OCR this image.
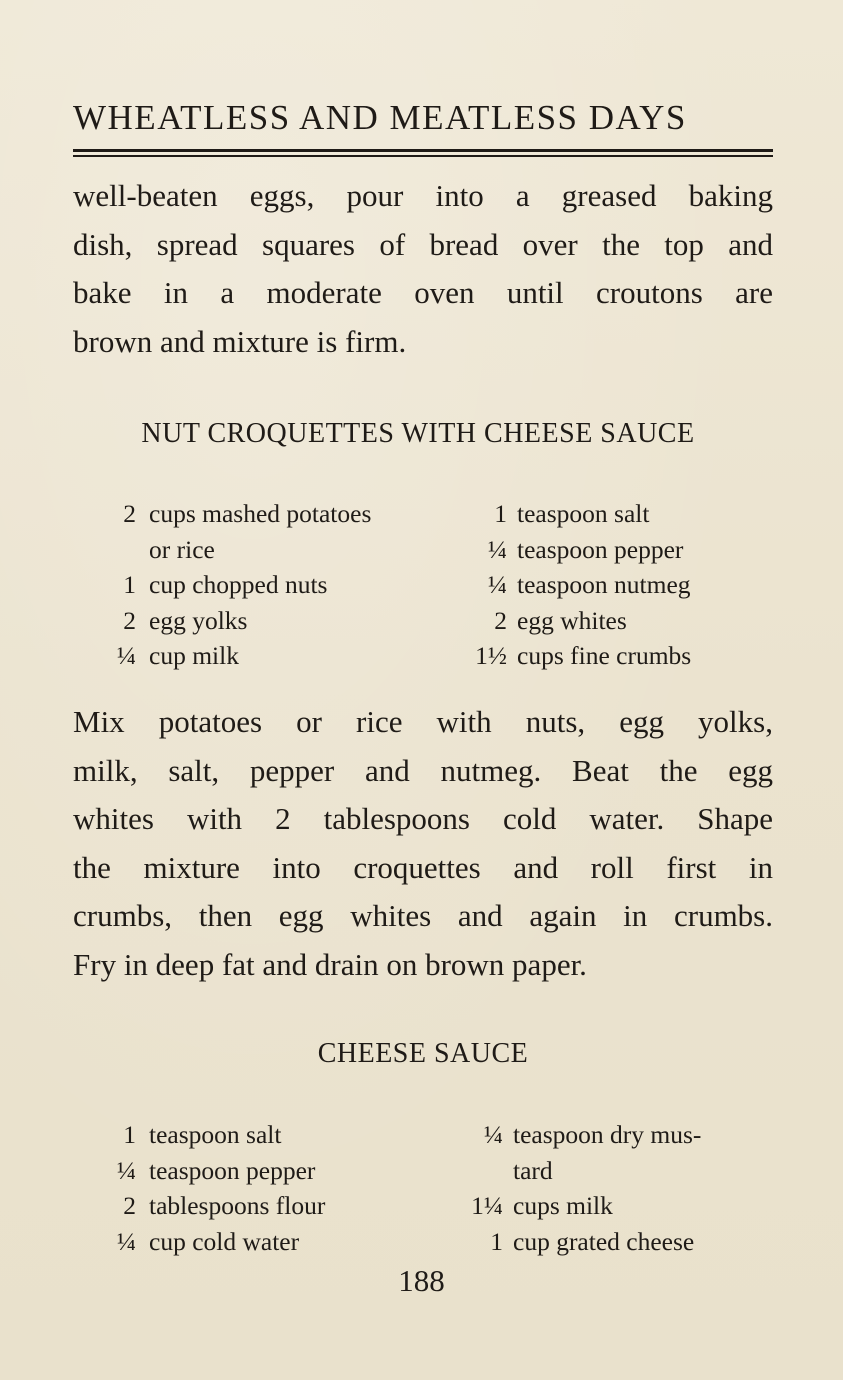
WHEATLESS AND MEATLESS DAYS
well-beaten eggs, pour into a greased baking
dish, spread squares of bread over the top and
bake in a moderate oven until croutons are
brown and mixture is firm.
NUT CROQUETTES WITH CHEESE SAUCE
2 cups mashed potatoes
or rice
1 cup chopped nuts
2 egg yolks
¼ cup milk
1 teaspoon salt
¼ teaspoon pepper
¼ teaspoon nutmeg
2 egg whites
1½ cups fine crumbs
Mix potatoes or rice with nuts, egg yolks,
milk, salt, pepper and nutmeg. Beat the egg
whites with 2 tablespoons cold water. Shape
the mixture into croquettes and roll first in
crumbs, then egg whites and again in crumbs.
Fry in deep fat and drain on brown paper.
CHEESE SAUCE
1 teaspoon salt
¼ teaspoon pepper
2 tablespoons flour
¼ cup cold water
¼ teaspoon dry mus-
tard
1¼ cups milk
1 cup grated cheese
188
